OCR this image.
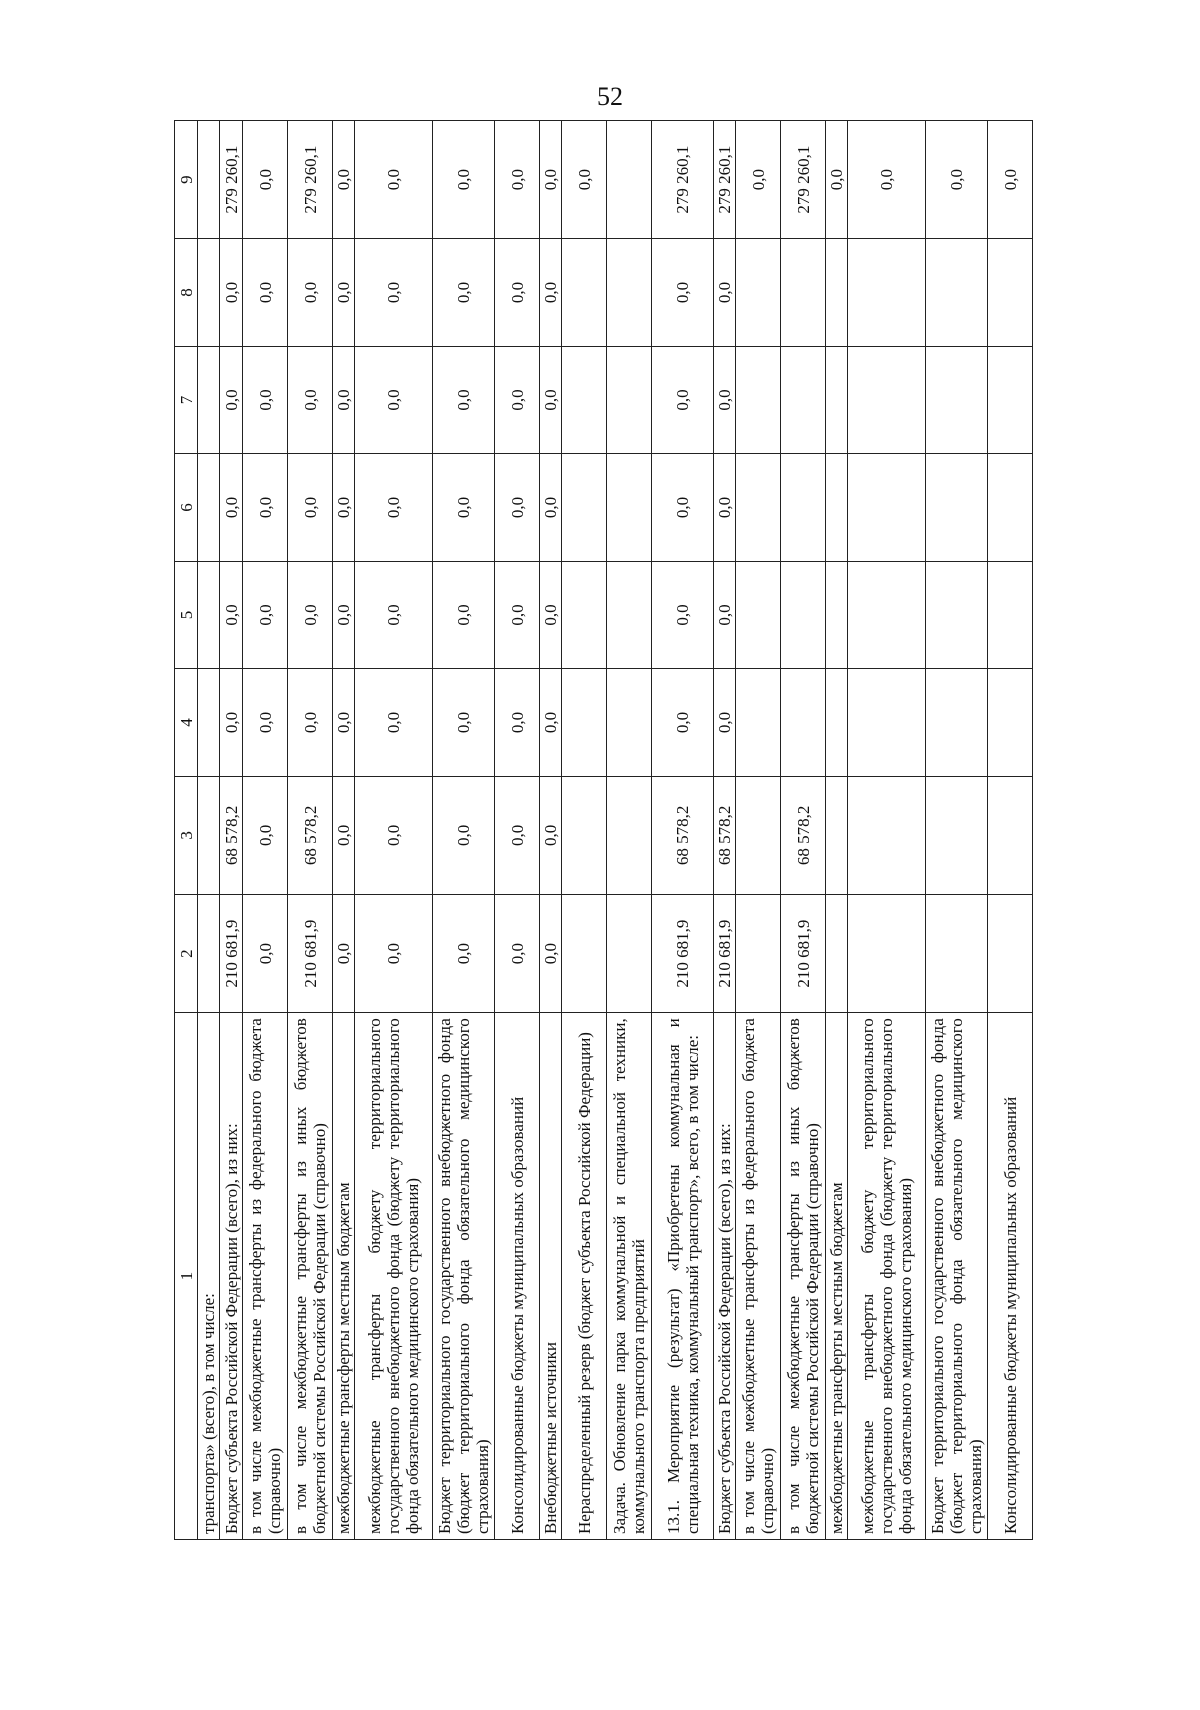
52
1	2	3	4	5	6	7	8	9
транспорта» (всего), в том числе:								
Бюджет субъекта Российской Федерации (всего), из них:	210 681,9	68 578,2	0,0	0,0	0,0	0,0	0,0	279 260,1
в том числе межбюджетные трансферты из федерального бюджета (справочно)	0,0	0,0	0,0	0,0	0,0	0,0	0,0	0,0
в том числе межбюджетные трансферты из иных бюджетов бюджетной системы Российской Федерации (справочно)	210 681,9	68 578,2	0,0	0,0	0,0	0,0	0,0	279 260,1
межбюджетные трансферты местным бюджетам	0,0	0,0	0,0	0,0	0,0	0,0	0,0	0,0
межбюджетные трансферты бюджету территориального государственного внебюджетного фонда (бюджету территориального фонда обязательного медицинского страхования)	0,0	0,0	0,0	0,0	0,0	0,0	0,0	0,0
Бюджет территориального государственного внебюджетного фонда (бюджет территориального фонда обязательного медицинского страхования)	0,0	0,0	0,0	0,0	0,0	0,0	0,0	0,0
Консолидированные бюджеты муниципальных образований	0,0	0,0	0,0	0,0	0,0	0,0	0,0	0,0
Внебюджетные источники	0,0	0,0	0,0	0,0	0,0	0,0	0,0	0,0
Нераспределенный резерв (бюджет субъекта Российской Федерации)								0,0
Задача. Обновление парка коммунальной и специальной техники, коммунального транспорта предприятий								
13.1. Мероприятие (результат) «Приобретены коммунальная и специальная техника, коммунальный транспорт», всего, в том числе:	210 681,9	68 578,2	0,0	0,0	0,0	0,0	0,0	279 260,1
Бюджет субъекта Российской Федерации (всего), из них:	210 681,9	68 578,2	0,0	0,0	0,0	0,0	0,0	279 260,1
в том числе межбюджетные трансферты из федерального бюджета (справочно)								0,0
в том числе межбюджетные трансферты из иных бюджетов бюджетной системы Российской Федерации (справочно)	210 681,9	68 578,2						279 260,1
межбюджетные трансферты местным бюджетам								0,0
межбюджетные трансферты бюджету территориального государственного внебюджетного фонда (бюджету территориального фонда обязательного медицинского страхования)								0,0
Бюджет территориального государственного внебюджетного фонда (бюджет территориального фонда обязательного медицинского страхования)								0,0
Консолидированные бюджеты муниципальных образований								0,0
